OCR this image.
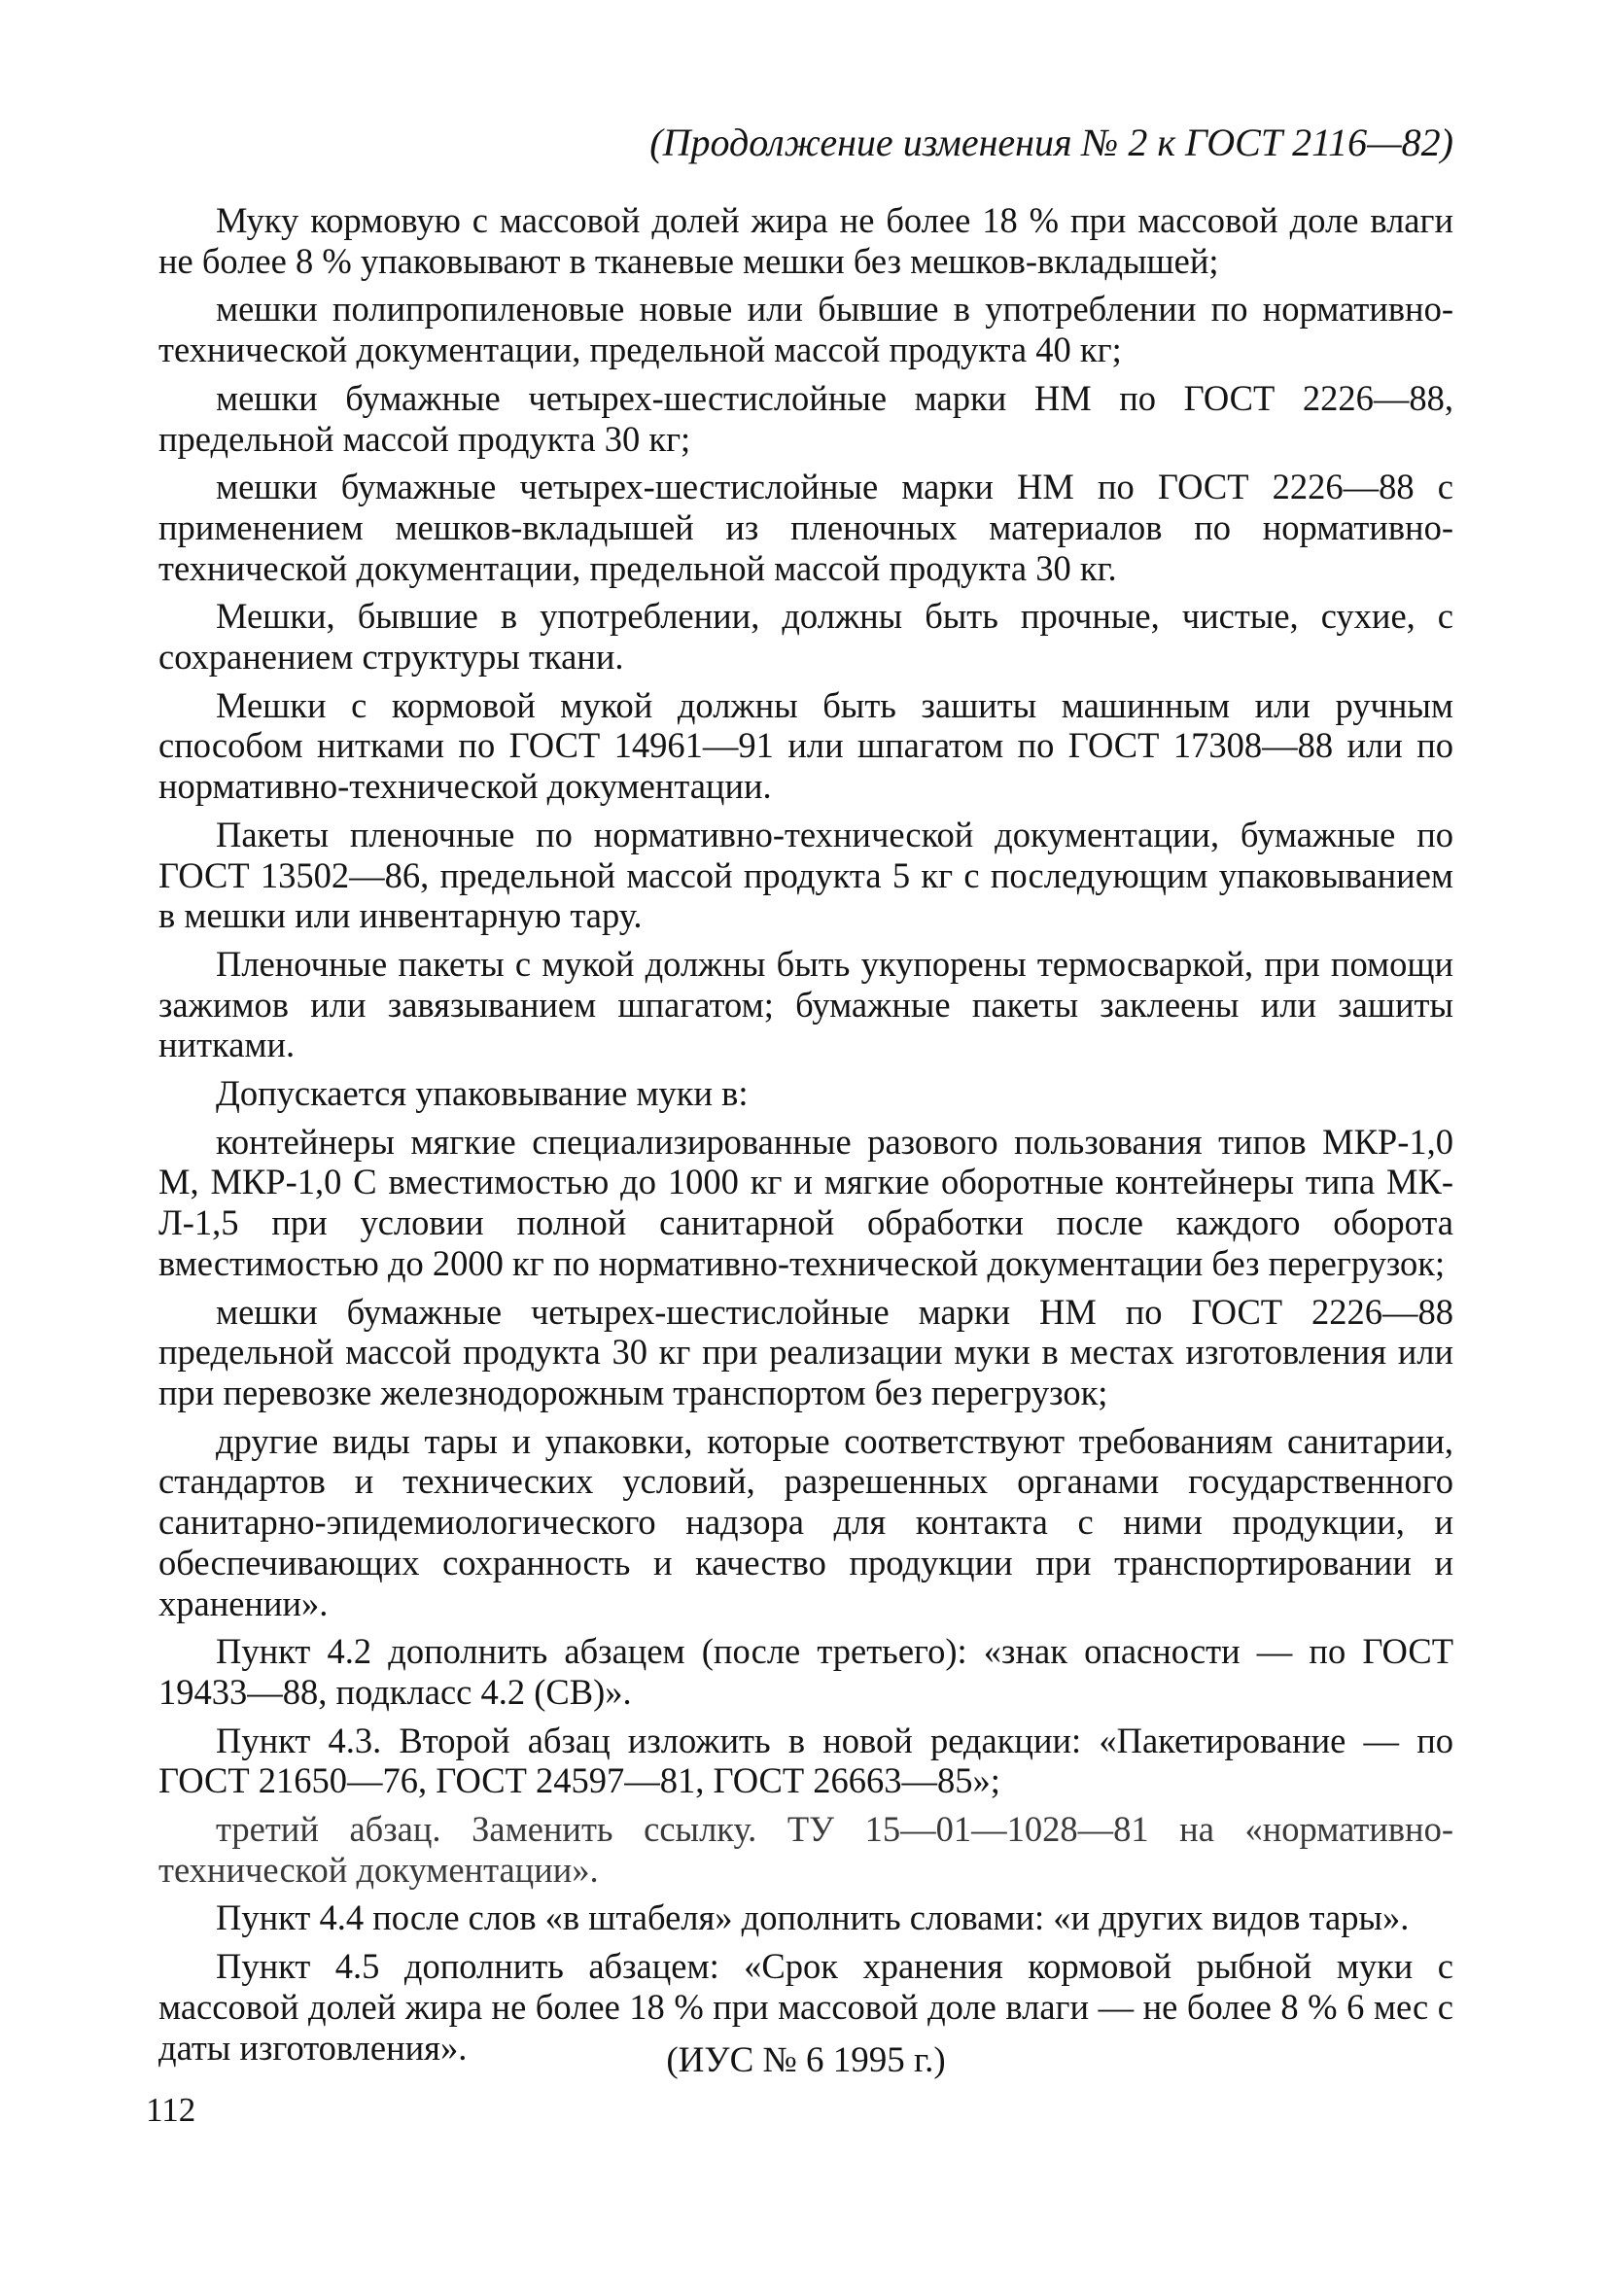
(Продолжение изменения № 2 к ГОСТ 2116—82)

Муку кормовую с массовой долей жира не более 18 % при массовой доле влаги не более 8 % упаковывают в тканевые мешки без мешков-вкладышей;

мешки полипропиленовые новые или бывшие в употреблении по нормативно-технической документации, предельной массой продукта 40 кг;

мешки бумажные четырех-шестислойные марки НМ по ГОСТ 2226—88, предельной массой продукта 30 кг;

мешки бумажные четырех-шестислойные марки НМ по ГОСТ 2226—88 с применением мешков-вкладышей из пленочных материалов по нормативно-технической документации, предельной массой продукта 30 кг.

Мешки, бывшие в употреблении, должны быть прочные, чистые, сухие, с сохранением структуры ткани.

Мешки с кормовой мукой должны быть зашиты машинным или ручным способом нитками по ГОСТ 14961—91 или шпагатом по ГОСТ 17308—88 или по нормативно-технической документации.

Пакеты пленочные по нормативно-технической документации, бумажные по ГОСТ 13502—86, предельной массой продукта 5 кг с последующим упаковыванием в мешки или инвентарную тару.

Пленочные пакеты с мукой должны быть укупорены термосваркой, при помощи зажимов или завязыванием шпагатом; бумажные пакеты заклеены или зашиты нитками.

Допускается упаковывание муки в:

контейнеры мягкие специализированные разового пользования типов МКР-1,0 М, МКР-1,0 С вместимостью до 1000 кг и мягкие оборотные контейнеры типа МК-Л-1,5 при условии полной санитарной обработки после каждого оборота вместимостью до 2000 кг по нормативно-технической документации без перегрузок;

мешки бумажные четырех-шестислойные марки НМ по ГОСТ 2226—88 предельной массой продукта 30 кг при реализации муки в местах изготовления или при перевозке железнодорожным транспортом без перегрузок;

другие виды тары и упаковки, которые соответствуют требованиям санитарии, стандартов и технических условий, разрешенных органами государственного санитарно-эпидемиологического надзора для контакта с ними продукции, и обеспечивающих сохранность и качество продукции при транспортировании и хранении».

Пункт 4.2 дополнить абзацем (после третьего): «знак опасности — по ГОСТ 19433—88, подкласс 4.2 (СВ)».

Пункт 4.3. Второй абзац изложить в новой редакции: «Пакетирование — по ГОСТ 21650—76, ГОСТ 24597—81, ГОСТ 26663—85»;

третий абзац. Заменить ссылку. ТУ 15—01—1028—81 на «нормативно-технической документации».

Пункт 4.4 после слов «в штабеля» дополнить словами: «и других видов тары».

Пункт 4.5 дополнить абзацем: «Срок хранения кормовой рыбной муки с массовой долей жира не более 18 % при массовой доле влаги — не более 8 % 6 мес с даты изготовления».	(ИУС № 6 1995 г.)
112
